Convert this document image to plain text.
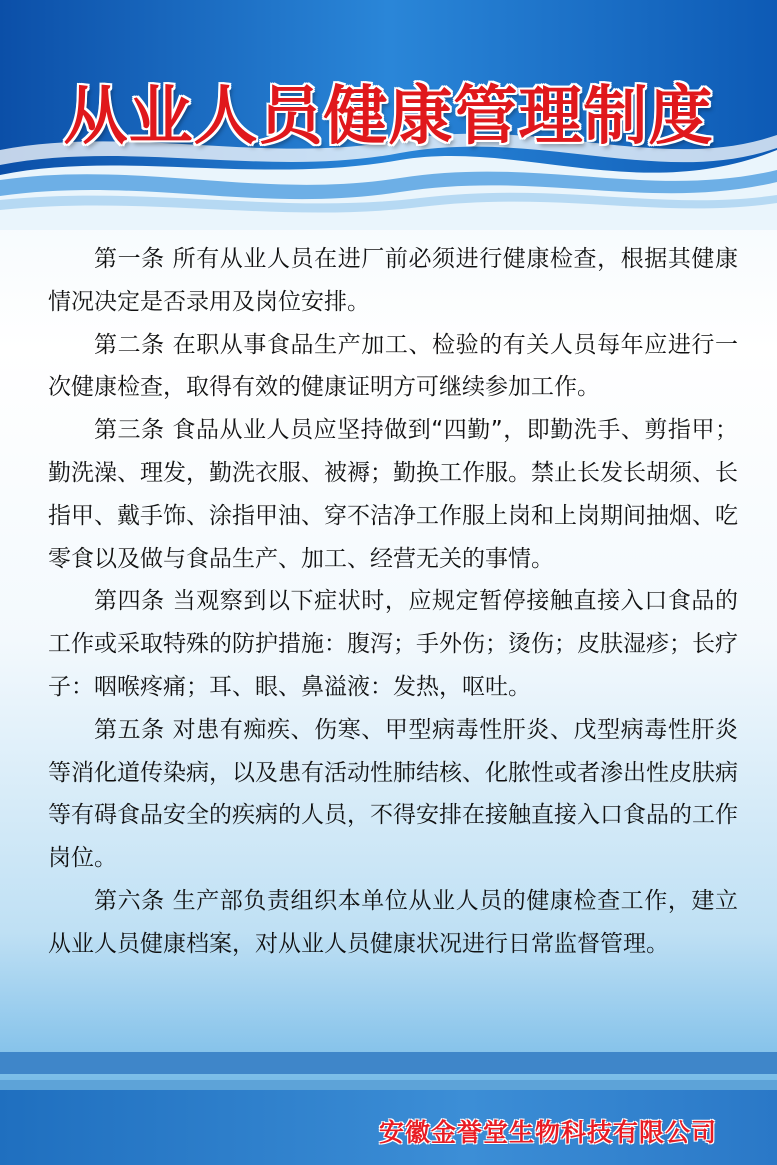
从业人员健康管理制度

第一条 所有从业人员在进厂前必须进行健康检查，根据其健康情况决定是否录用及岗位安排。

第二条 在职从事食品生产加工、检验的有关人员每年应进行一次健康检查，取得有效的健康证明方可继续参加工作。

第三条 食品从业人员应坚持做到“四勤”，即勤洗手、剪指甲；勤洗澡、理发，勤洗衣服、被褥；勤换工作服。禁止长发长胡须、长指甲、戴手饰、涂指甲油、穿不洁净工作服上岗和上岗期间抽烟、吃零食以及做与食品生产、加工、经营无关的事情。

第四条 当观察到以下症状时，应规定暂停接触直接入口食品的工作或采取特殊的防护措施：腹泻；手外伤；烫伤；皮肤湿疹；长疗子：咽喉疼痛；耳、眼、鼻溢液：发热，呕吐。

第五条 对患有痴疾、伤寒、甲型病毒性肝炎、戊型病毒性肝炎等消化道传染病，以及患有活动性肺结核、化脓性或者渗出性皮肤病等有碍食品安全的疾病的人员，不得安排在接触直接入口食品的工作岗位。

第六条 生产部负责组织本单位从业人员的健康检查工作，建立从业人员健康档案，对从业人员健康状况进行日常监督管理。

安徽金誉堂生物科技有限公司
